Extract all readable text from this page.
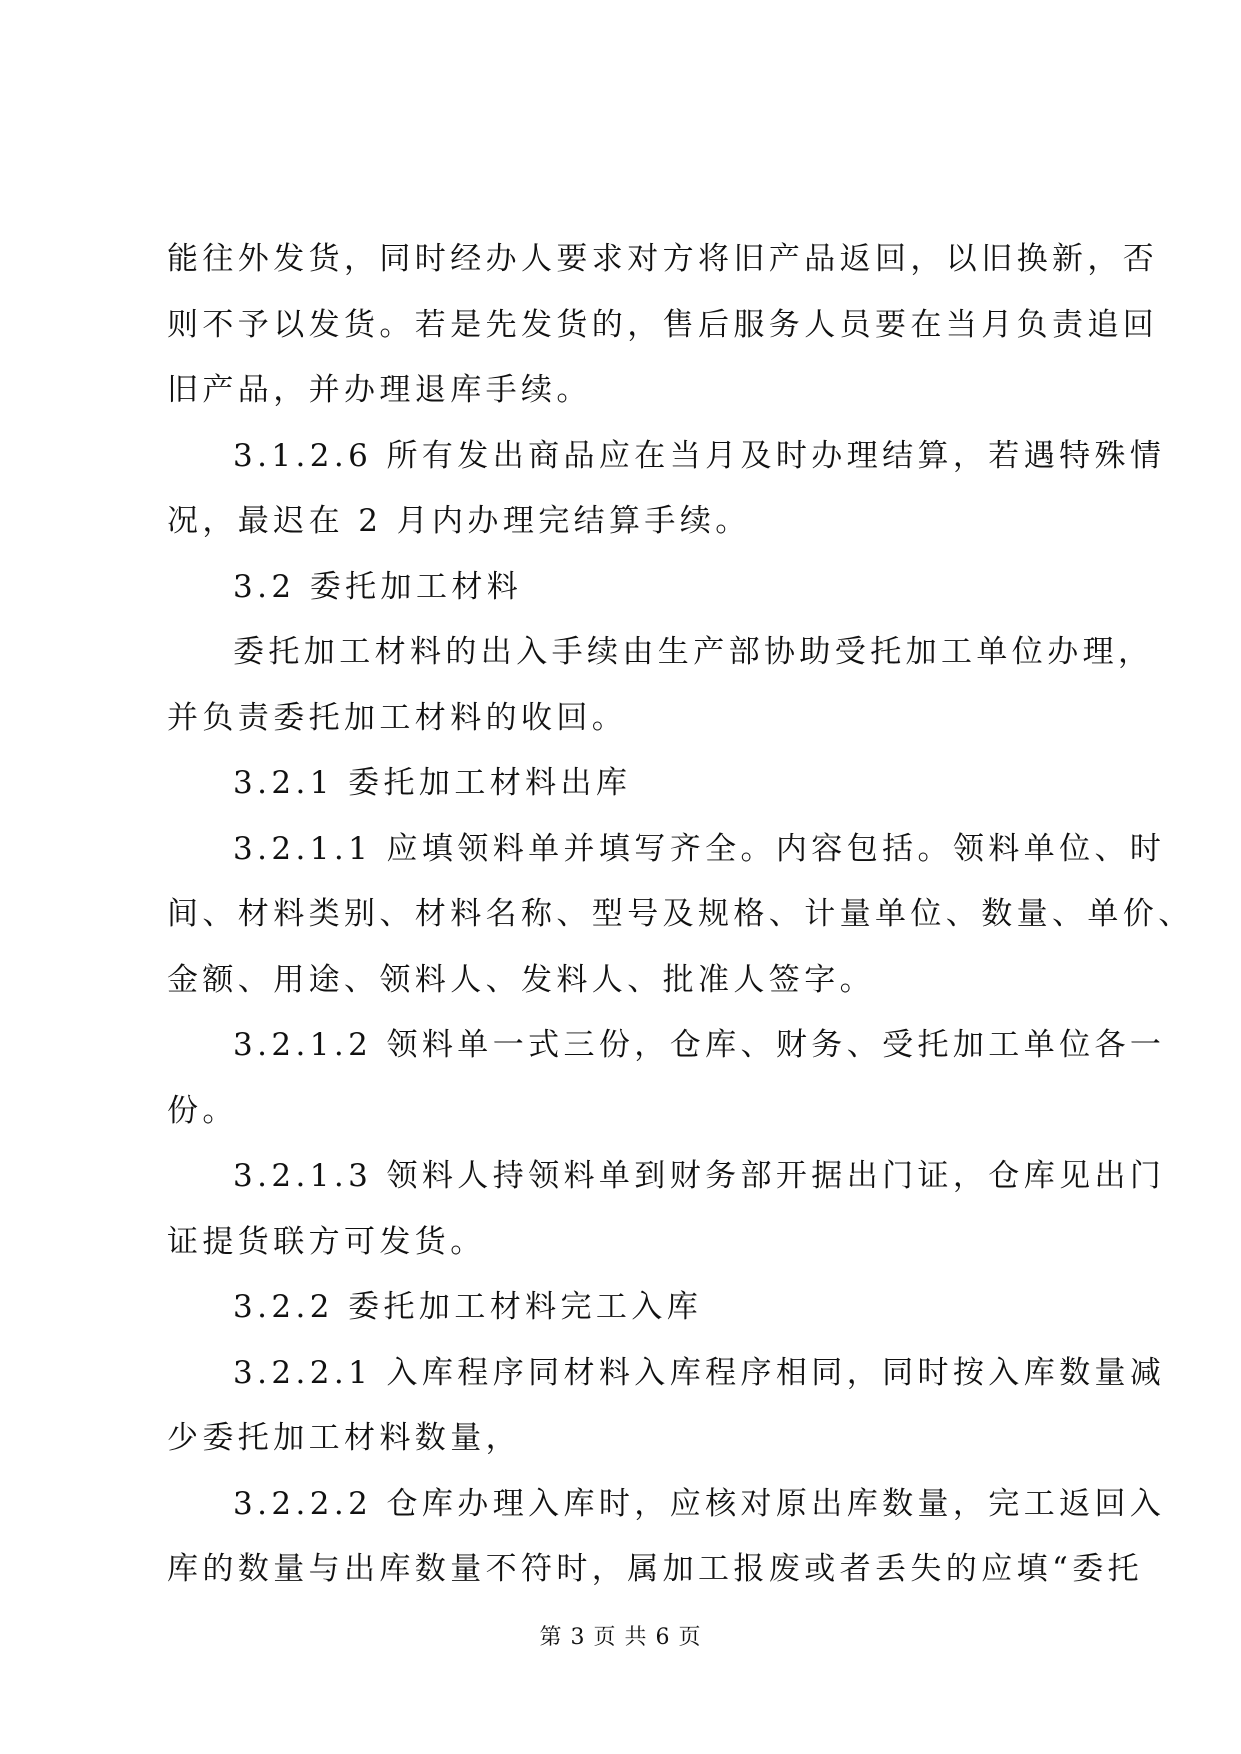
能往外发货，同时经办人要求对方将旧产品返回，以旧换新，否
则不予以发货。若是先发货的，售后服务人员要在当月负责追回
旧产品，并办理退库手续。
3.1.2.6 所有发出商品应在当月及时办理结算，若遇特殊情
况，最迟在 2 月内办理完结算手续。
3.2 委托加工材料
委托加工材料的出入手续由生产部协助受托加工单位办理，
并负责委托加工材料的收回。
3.2.1 委托加工材料出库
3.2.1.1 应填领料单并填写齐全。内容包括。领料单位、时
间、材料类别、材料名称、型号及规格、计量单位、数量、单价、
金额、用途、领料人、发料人、批准人签字。
3.2.1.2 领料单一式三份，仓库、财务、受托加工单位各一
份。
3.2.1.3 领料人持领料单到财务部开据出门证，仓库见出门
证提货联方可发货。
3.2.2 委托加工材料完工入库
3.2.2.1 入库程序同材料入库程序相同，同时按入库数量减
少委托加工材料数量，
3.2.2.2 仓库办理入库时，应核对原出库数量，完工返回入
库的数量与出库数量不符时，属加工报废或者丢失的应填“委托
第 3 页 共 6 页
